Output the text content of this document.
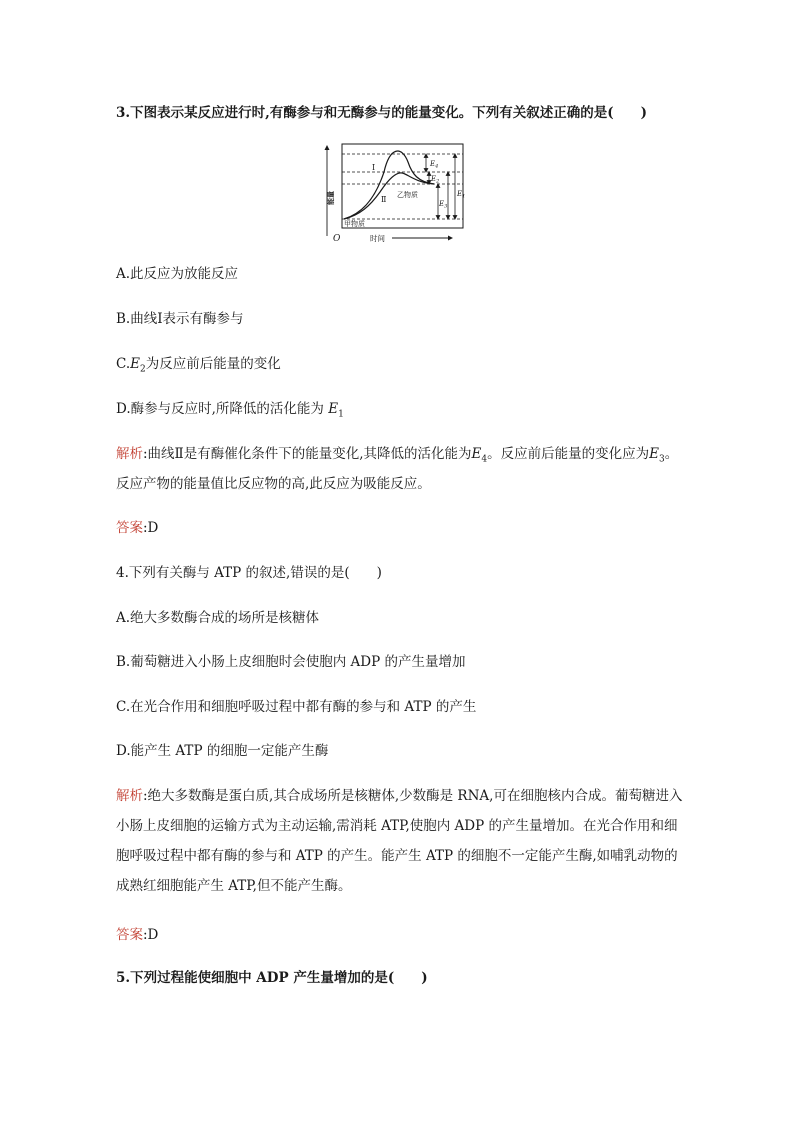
3.下图表示某反应进行时,有酶参与和无酶参与的能量变化。下列有关叙述正确的是(　　)
能量
O	时间
甲物质
乙物质
Ⅰ
Ⅱ
$E_4$
$E_2$
$E_3$
$E_1$
A.此反应为放能反应
B.曲线Ⅰ表示有酶参与
$C.E_2$为反应前后能量的变化
D.酶参与反应时,所降低的活化能为 $E_1$
解析:曲线Ⅱ是有酶催化条件下的能量变化,其降低的活化能为$E_4$。反应前后能量的变化应为$E_3$。
反应产物的能量值比反应物的高,此反应为吸能反应。
答案:D
4.下列有关酶与 ATP 的叙述,错误的是(　　)
A.绝大多数酶合成的场所是核糖体
B.葡萄糖进入小肠上皮细胞时会使胞内 ADP 的产生量增加
C.在光合作用和细胞呼吸过程中都有酶的参与和 ATP 的产生
D.能产生 ATP 的细胞一定能产生酶
解析:绝大多数酶是蛋白质,其合成场所是核糖体,少数酶是 RNA,可在细胞核内合成。葡萄糖进入小肠上皮细胞的运输方式为主动运输,需消耗 ATP,使胞内 ADP 的产生量增加。在光合作用和细胞呼吸过程中都有酶的参与和 ATP 的产生。能产生 ATP 的细胞不一定能产生酶,如哺乳动物的成熟红细胞能产生 ATP,但不能产生酶。
答案:D
5.下列过程能使细胞中 ADP 产生量增加的是(　　)
